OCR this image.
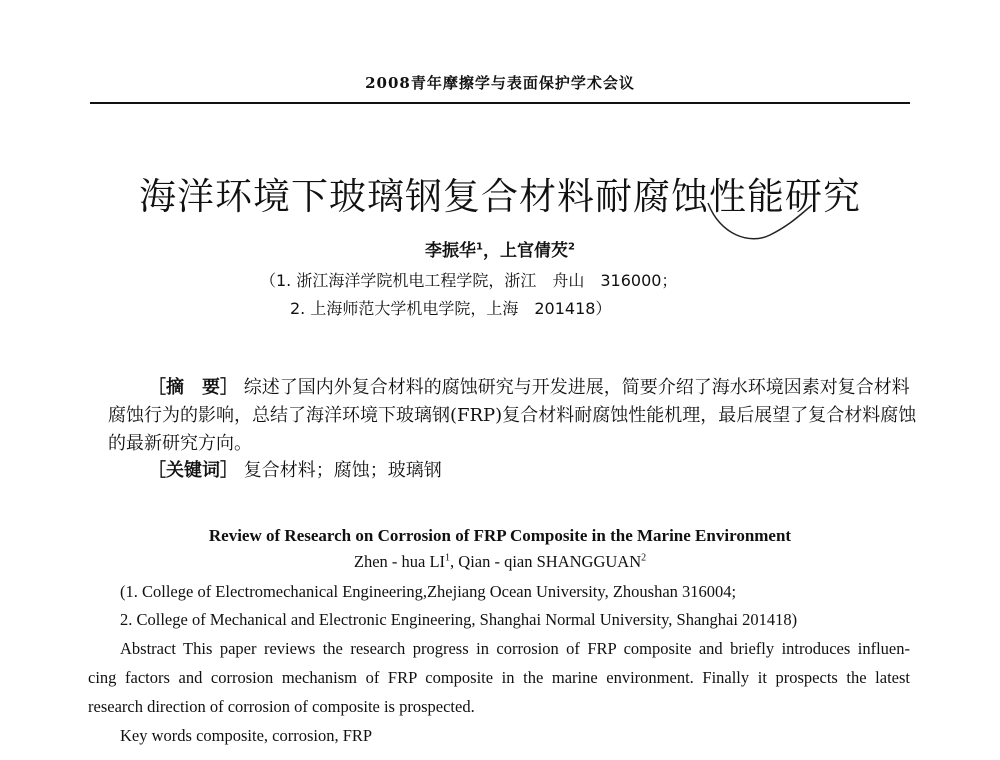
2008青年摩擦学与表面保护学术会议
海洋环境下玻璃钢复合材料耐腐蚀性能研究
李振华$^1$，上官倩芡$^2$
（1. 浙江海洋学院机电工程学院，浙江　舟山　316000；
2. 上海师范大学机电学院，上海　201418）
［摘　要］ 综述了国内外复合材料的腐蚀研究与开发进展，简要介绍了海水环境因素对复合材料
腐蚀行为的影响，总结了海洋环境下玻璃钢(FRP)复合材料耐腐蚀性能机理，最后展望了复合材料腐蚀
的最新研究方向。
［关键词］ 复合材料；腐蚀；玻璃钢
Review of Research on Corrosion of FRP Composite in the Marine Environment
Zhen - hua $LI^1$, Qian - qian SHANGGUAN$^2$
(1. College of Electromechanical Engineering,Zhejiang Ocean University, Zhoushan 316004;
2. College of Mechanical and Electronic Engineering, Shanghai Normal University, Shanghai 201418)
Abstract This paper reviews the research progress in corrosion of FRP composite and briefly introduces influen-
cing factors and corrosion mechanism of FRP composite in the marine environment. Finally it prospects the latest
research direction of corrosion of composite is prospected.
Key words composite, corrosion, FRP
